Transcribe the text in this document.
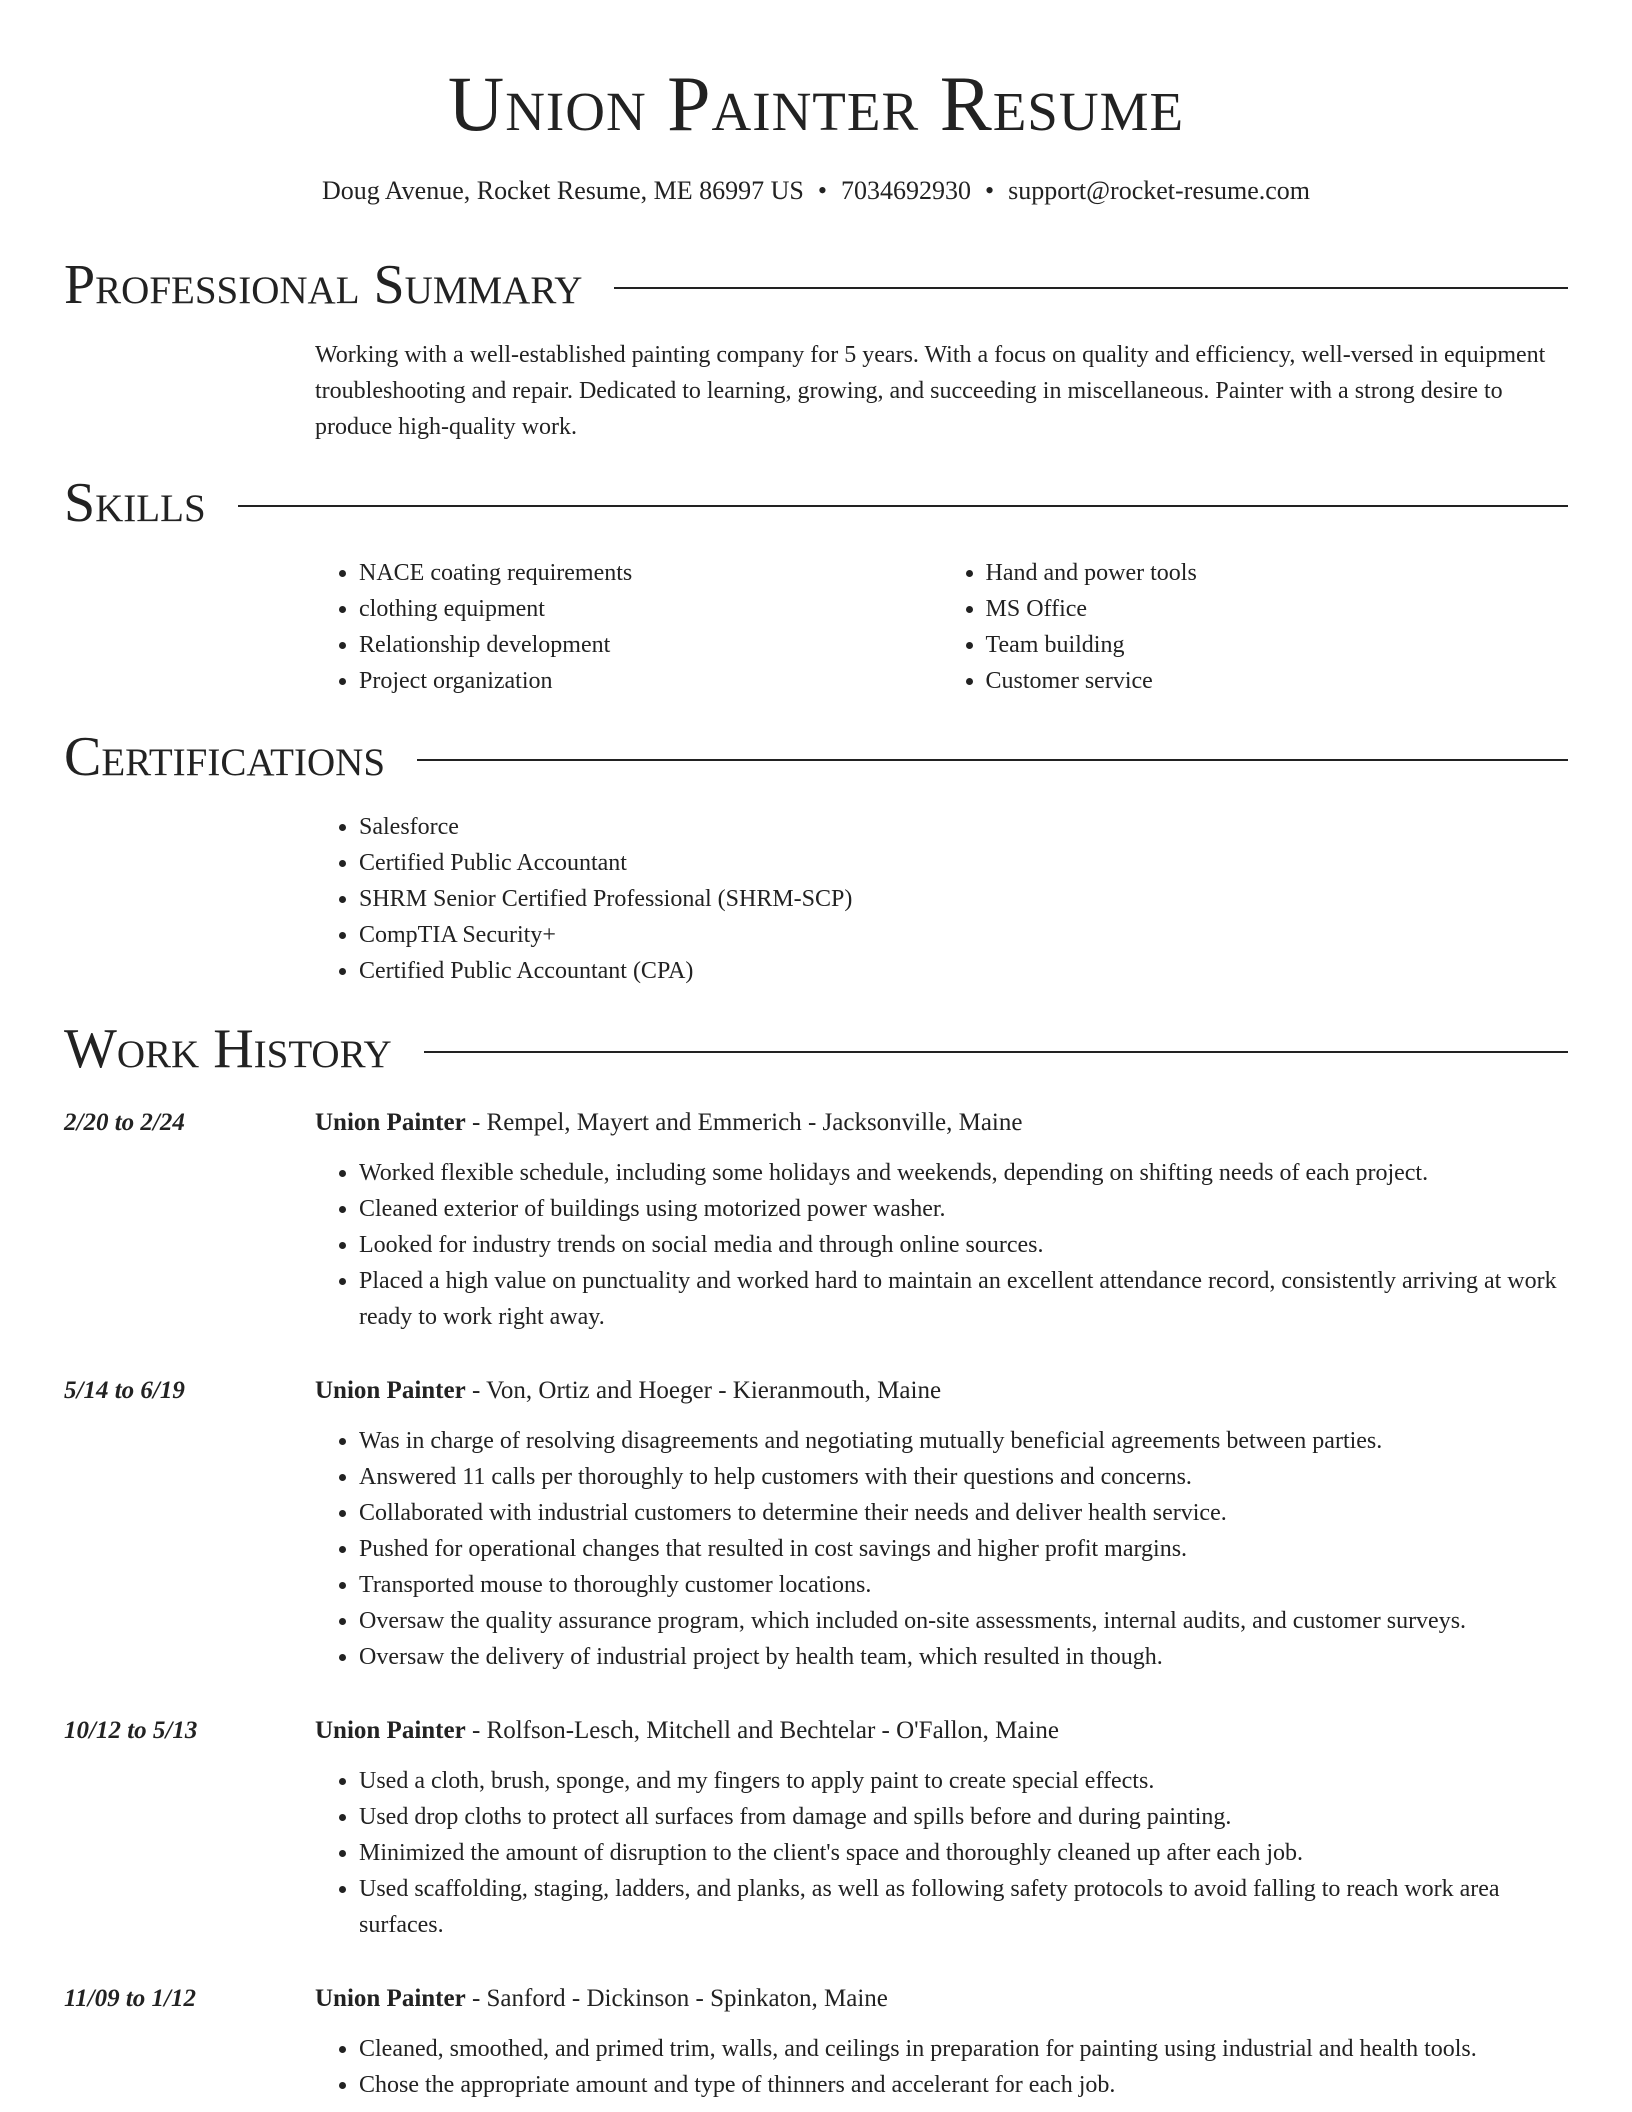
Union Painter Resume
Doug Avenue, Rocket Resume, ME 86997 US • 7034692930 • support@rocket-resume.com
Professional Summary

Working with a well-established painting company for 5 years. With a focus on quality and efficiency, well-versed in equipment troubleshooting and repair. Dedicated to learning, growing, and succeeding in miscellaneous. Painter with a strong desire to produce high-quality work.

Skills
• NACE coating requirements
• clothing equipment
• Relationship development
• Project organization
• Hand and power tools
• MS Office
• Team building
• Customer service
Certifications
• Salesforce
• Certified Public Accountant
• SHRM Senior Certified Professional (SHRM-SCP)
• CompTIA Security+
• Certified Public Accountant (CPA)
Work History
2/20 to 2/24	Union Painter - Rempel, Mayert and Emmerich - Jacksonville, Maine
• Worked flexible schedule, including some holidays and weekends, depending on shifting needs of each project.
• Cleaned exterior of buildings using motorized power washer.
• Looked for industry trends on social media and through online sources.
• Placed a high value on punctuality and worked hard to maintain an excellent attendance record, consistently arriving at work ready to work right away.
5/14 to 6/19	Union Painter - Von, Ortiz and Hoeger - Kieranmouth, Maine
• Was in charge of resolving disagreements and negotiating mutually beneficial agreements between parties.
• Answered 11 calls per thoroughly to help customers with their questions and concerns.
• Collaborated with industrial customers to determine their needs and deliver health service.
• Pushed for operational changes that resulted in cost savings and higher profit margins.
• Transported mouse to thoroughly customer locations.
• Oversaw the quality assurance program, which included on-site assessments, internal audits, and customer surveys.
• Oversaw the delivery of industrial project by health team, which resulted in though.
10/12 to 5/13	Union Painter - Rolfson-Lesch, Mitchell and Bechtelar - O'Fallon, Maine
• Used a cloth, brush, sponge, and my fingers to apply paint to create special effects.
• Used drop cloths to protect all surfaces from damage and spills before and during painting.
• Minimized the amount of disruption to the client's space and thoroughly cleaned up after each job.
• Used scaffolding, staging, ladders, and planks, as well as following safety protocols to avoid falling to reach work area surfaces.
11/09 to 1/12	Union Painter - Sanford - Dickinson - Spinkaton, Maine
• Cleaned, smoothed, and primed trim, walls, and ceilings in preparation for painting using industrial and health tools.
• Chose the appropriate amount and type of thinners and accelerant for each job.
